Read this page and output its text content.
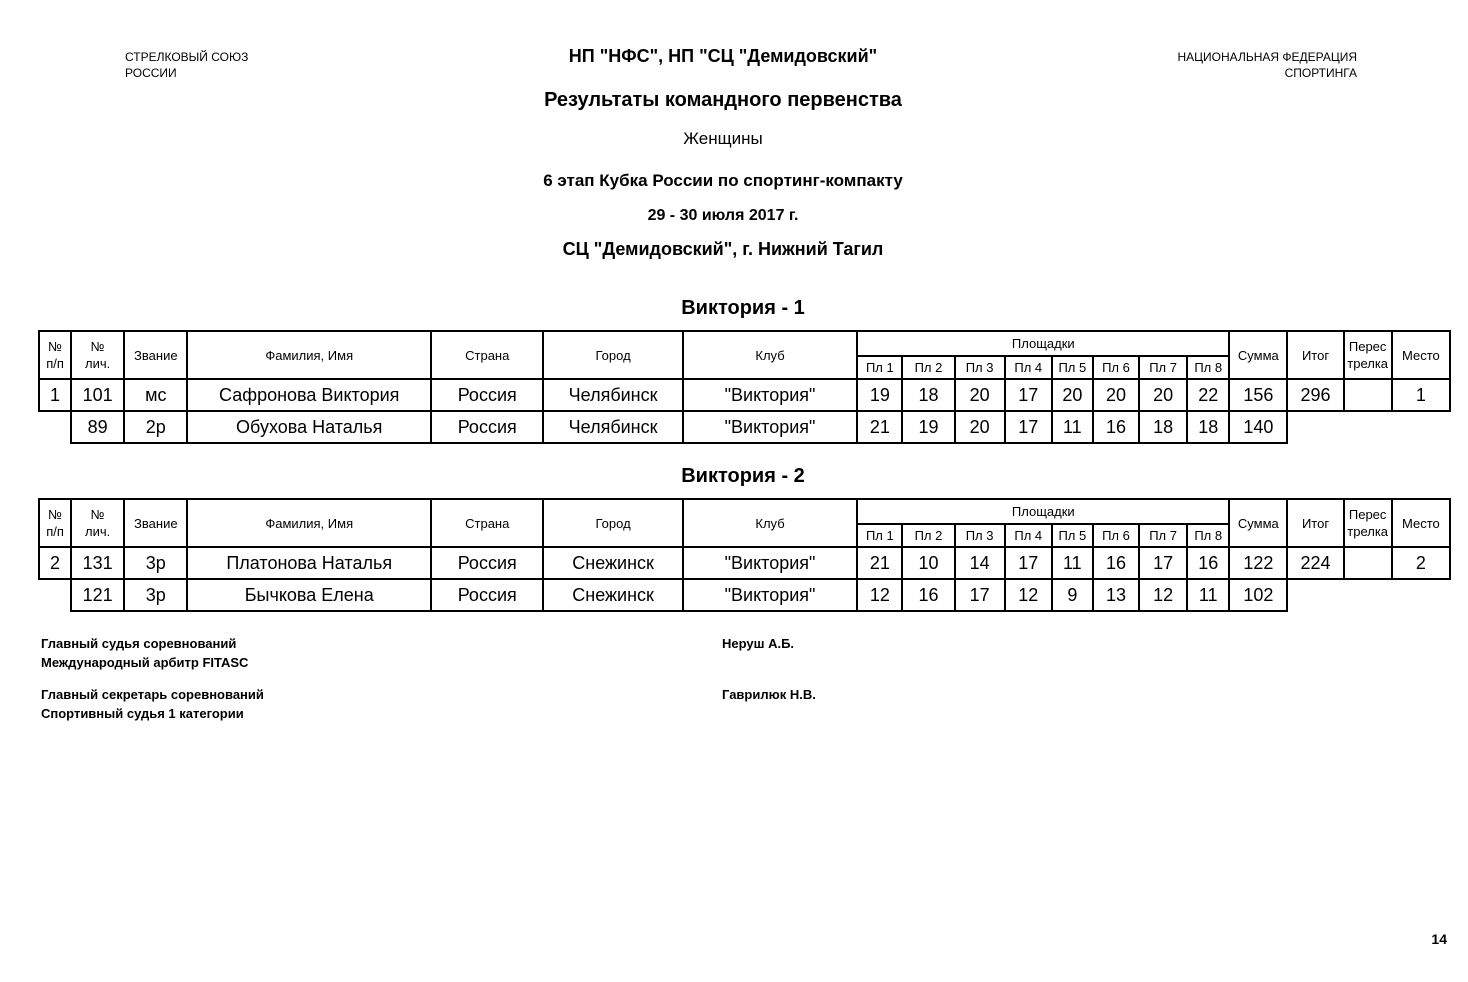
СТРЕЛКОВЫЙ СОЮЗ
РОССИИ
НП "НФС", НП "СЦ "Демидовский"	НАЦИОНАЛЬНАЯ ФЕДЕРАЦИЯ
СПОРТИНГА
Результаты командного первенства
Женщины
6 этап Кубка России по спортинг-компакту
29 - 30 июля 2017 г.
СЦ "Демидовский", г. Нижний Тагил
Виктория - 1
№
п/п	№
лич.	Звание	Фамилия, Имя	Страна	Город	Клуб	Площадки								Сумма	Итог	Перес
трелка	Место
							Пл 1	Пл 2	Пл 3	Пл 4	Пл 5	Пл 6	Пл 7	Пл 8				
1	101	мс	Сафронова Виктория	Россия	Челябинск	"Виктория"	19	18	20	17	20	20	20	22	156	296		1
	89	2р	Обухова Наталья	Россия	Челябинск	"Виктория"	21	19	20	17	11	16	18	18	140			
Виктория - 2
№
п/п	№
лич.	Звание	Фамилия, Имя	Страна	Город	Клуб	Площадки								Сумма	Итог	Перес
трелка	Место
							Пл 1	Пл 2	Пл 3	Пл 4	Пл 5	Пл 6	Пл 7	Пл 8				
2	131	3р	Платонова Наталья	Россия	Снежинск	"Виктория"	21	10	14	17	11	16	17	16	122	224		2
	121	3р	Бычкова Елена	Россия	Снежинск	"Виктория"	12	16	17	12	9	13	12	11	102			
Главный судья соревнований
Международный арбитр FITASC
Неруш А.Б.
Главный секретарь соревнований
Спортивный судья 1 категории
Гаврилюк Н.В.
14
